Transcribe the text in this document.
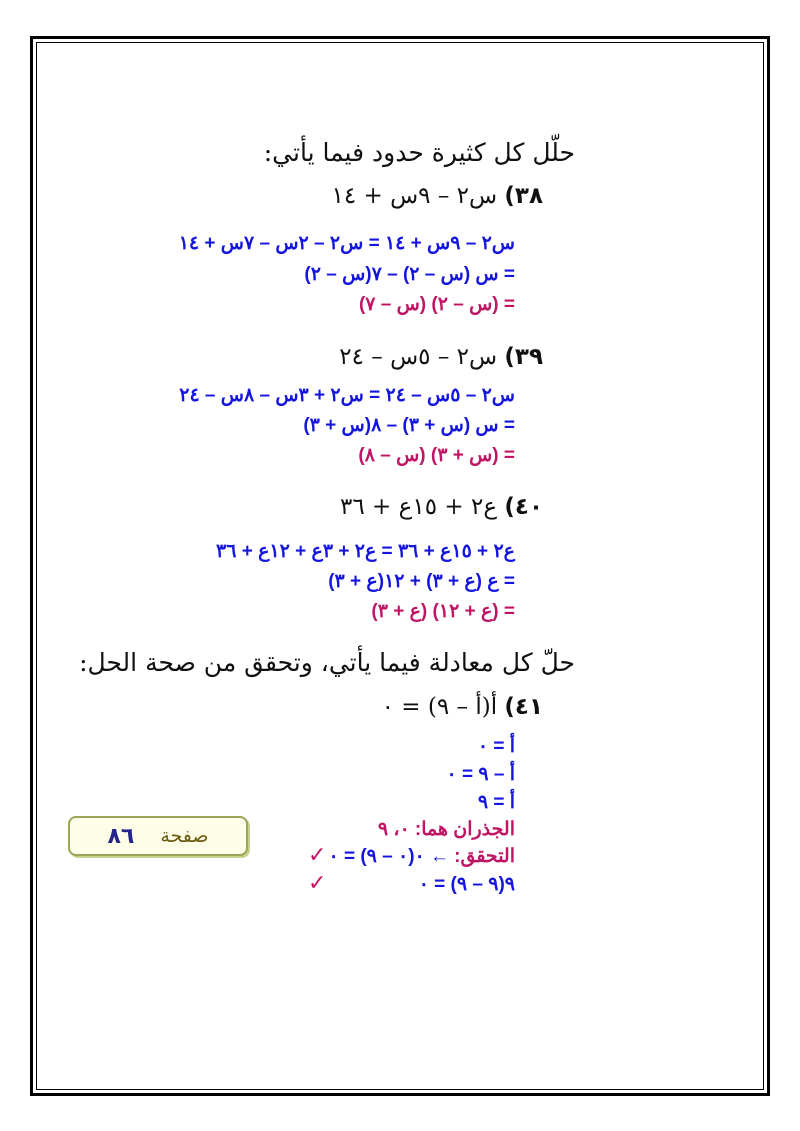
حلّل كل كثيرة حدود فيما يأتي:
٣٨) س٢ – ٩س + ١٤
س٢ – ٩س + ١٤ = س٢ – ٢س – ٧س + ١٤
= س (س – ٢) – ٧(س – ٢)
= (س – ٢) (س – ٧)
٣٩) س٢ – ٥س – ٢٤
س٢ – ٥س – ٢٤ = س٢ + ٣س – ٨س – ٢٤
= س (س + ٣) – ٨(س + ٣)
= (س + ٣) (س – ٨)
٤٠) ع٢ + ١٥ع + ٣٦
ع٢ + ١٥ع + ٣٦ = ع٢ + ٣ع + ١٢ع + ٣٦
= ع (ع + ٣) + ١٢(ع + ٣)
= (ع + ١٢) (ع + ٣)
حلّ كل معادلة فيما يأتي، وتحقق من صحة الحل:
٤١) أ(أ – ٩) = ٠
أ = ٠
أ – ٩ = ٠
أ = ٩
الجذران هما: ٠، ٩
التحقق: ← ٠(٠ – ٩) = ٠
٩(٩ – ٩) = ٠
✓
✓
صفحة
٨٦
